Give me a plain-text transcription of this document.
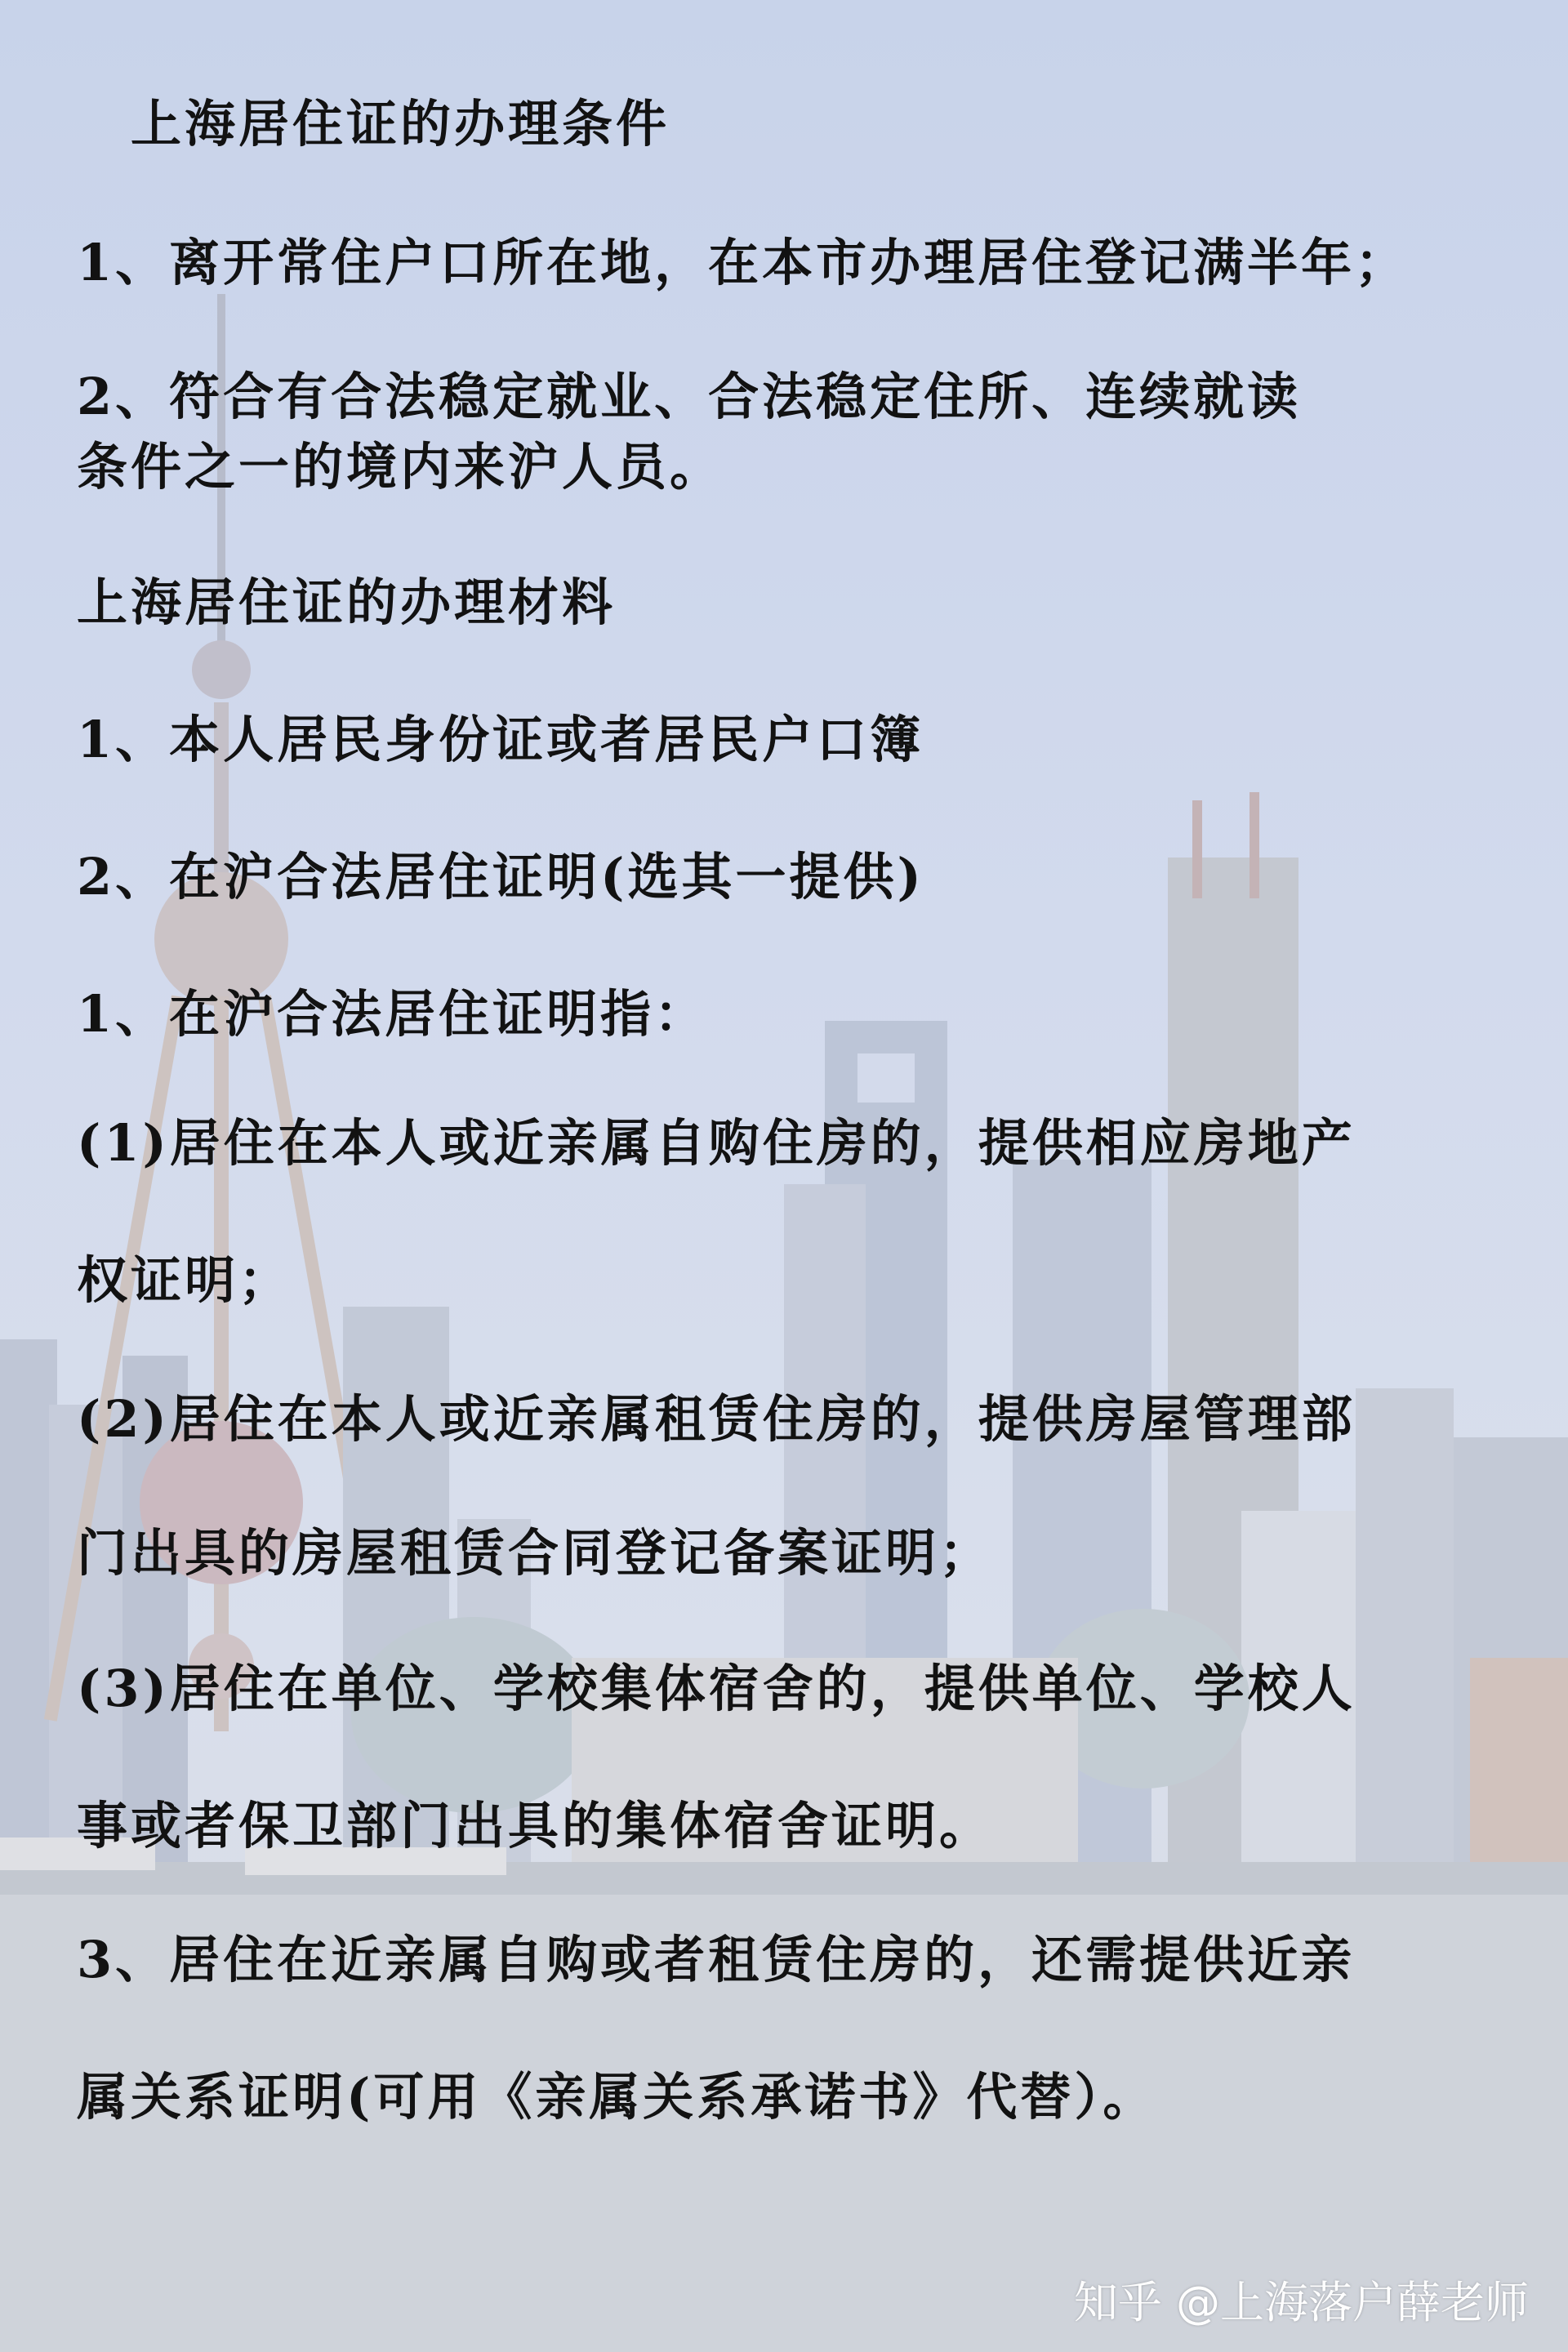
上海居住证的办理条件
1、离开常住户口所在地，在本市办理居住登记满半年；
2、符合有合法稳定就业、合法稳定住所、连续就读
条件之一的境内来沪人员。
上海居住证的办理材料
1、本人居民身份证或者居民户口簿
2、在沪合法居住证明(选其一提供)
1、在沪合法居住证明指：
(1)居住在本人或近亲属自购住房的，提供相应房地产
权证明；
(2)居住在本人或近亲属租赁住房的，提供房屋管理部
门出具的房屋租赁合同登记备案证明；
(3)居住在单位、学校集体宿舍的，提供单位、学校人
事或者保卫部门出具的集体宿舍证明。
3、居住在近亲属自购或者租赁住房的，还需提供近亲
属关系证明(可用《亲属关系承诺书》代替）。
知乎 @上海落户薛老师
